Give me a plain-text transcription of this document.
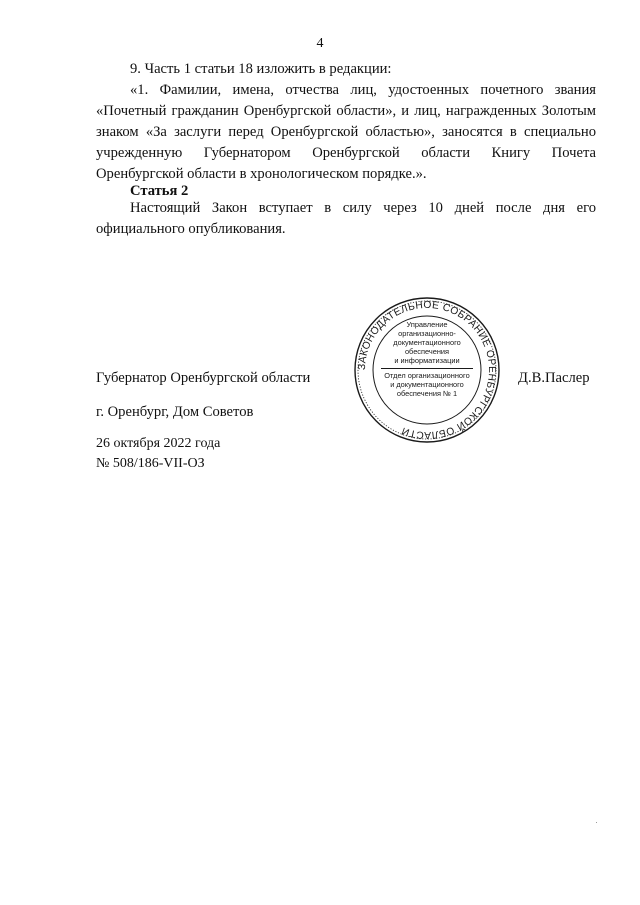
4

9. Часть 1 статьи 18 изложить в редакции:

«1. Фамилии, имена, отчества лиц, удостоенных почетного звания «Почетный гражданин Оренбургской области», и лиц, награжденных Золотым знаком «За заслуги перед Оренбургской областью», заносятся в специально учрежденную Губернатором Оренбургской области Книгу Почета Оренбургской области в хронологическом порядке.».

Статья 2

Настоящий Закон вступает в силу через 10 дней после дня его официального опубликования.

ЗАКОНОДАТЕЛЬНОЕ СОБРАНИЕ ОРЕНБУРГСКОЙ ОБЛАСТИ
Управление
организационно-
документационного
обеспечения
и информатизации
Отдел организационного
и документационного
обеспечения № 1
Губернатор Оренбургской области	Д.В.Паслер
г. Оренбург, Дом Советов
26 октября 2022 года
№ 508/186-VII-ОЗ
